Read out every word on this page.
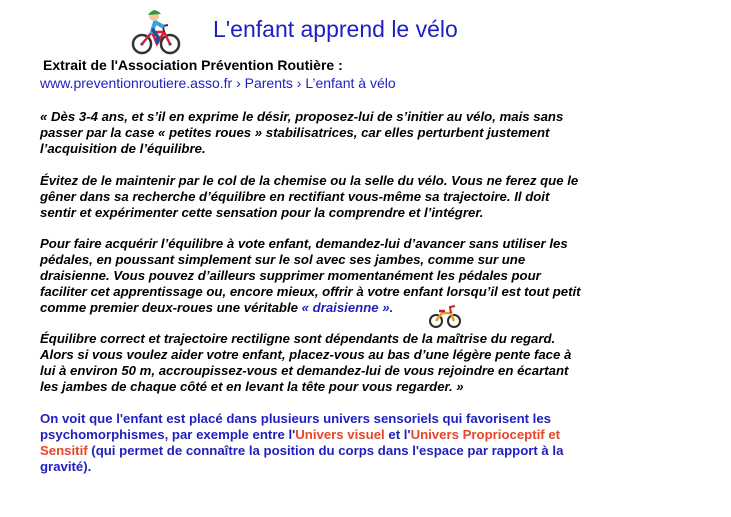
L'enfant apprend le vélo
Extrait de l'Association Prévention Routière :
www.preventionroutiere.asso.fr › Parents › L’enfant à vélo
« Dès 3-4 ans, et s’il en exprime le désir, proposez-lui de s’initier au vélo, mais sans
passer par la case « petites roues » stabilisatrices, car elles perturbent justement
l’acquisition de l’équilibre.
Évitez de le maintenir par le col de la chemise ou la selle du vélo. Vous ne ferez que le
gêner dans sa recherche d’équilibre en rectifiant vous-même sa trajectoire. Il doit
sentir et expérimenter cette sensation pour la comprendre et l’intégrer.
Pour faire acquérir l’équilibre à vote enfant, demandez-lui d’avancer sans utiliser les
pédales, en poussant simplement sur le sol avec ses jambes, comme sur une
draisienne. Vous pouvez d’ailleurs supprimer momentanément les pédales pour
faciliter cet apprentissage ou, encore mieux, offrir à votre enfant lorsqu’il est tout petit
comme premier deux-roues une véritable « draisienne ».
Équilibre correct et trajectoire rectiligne sont dépendants de la maîtrise du regard.
Alors si vous voulez aider votre enfant, placez-vous au bas d’une légère pente face à
lui à environ 50 m, accroupissez-vous et demandez-lui de vous rejoindre en écartant
les jambes de chaque côté et en levant la tête pour vous regarder. »
On voit que l'enfant est placé dans plusieurs univers sensoriels qui favorisent les
psychomorphismes, par exemple entre l'Univers visuel et l'Univers Proprioceptif et
Sensitif (qui permet de connaître la position du corps dans l'espace par rapport à la
gravité).
